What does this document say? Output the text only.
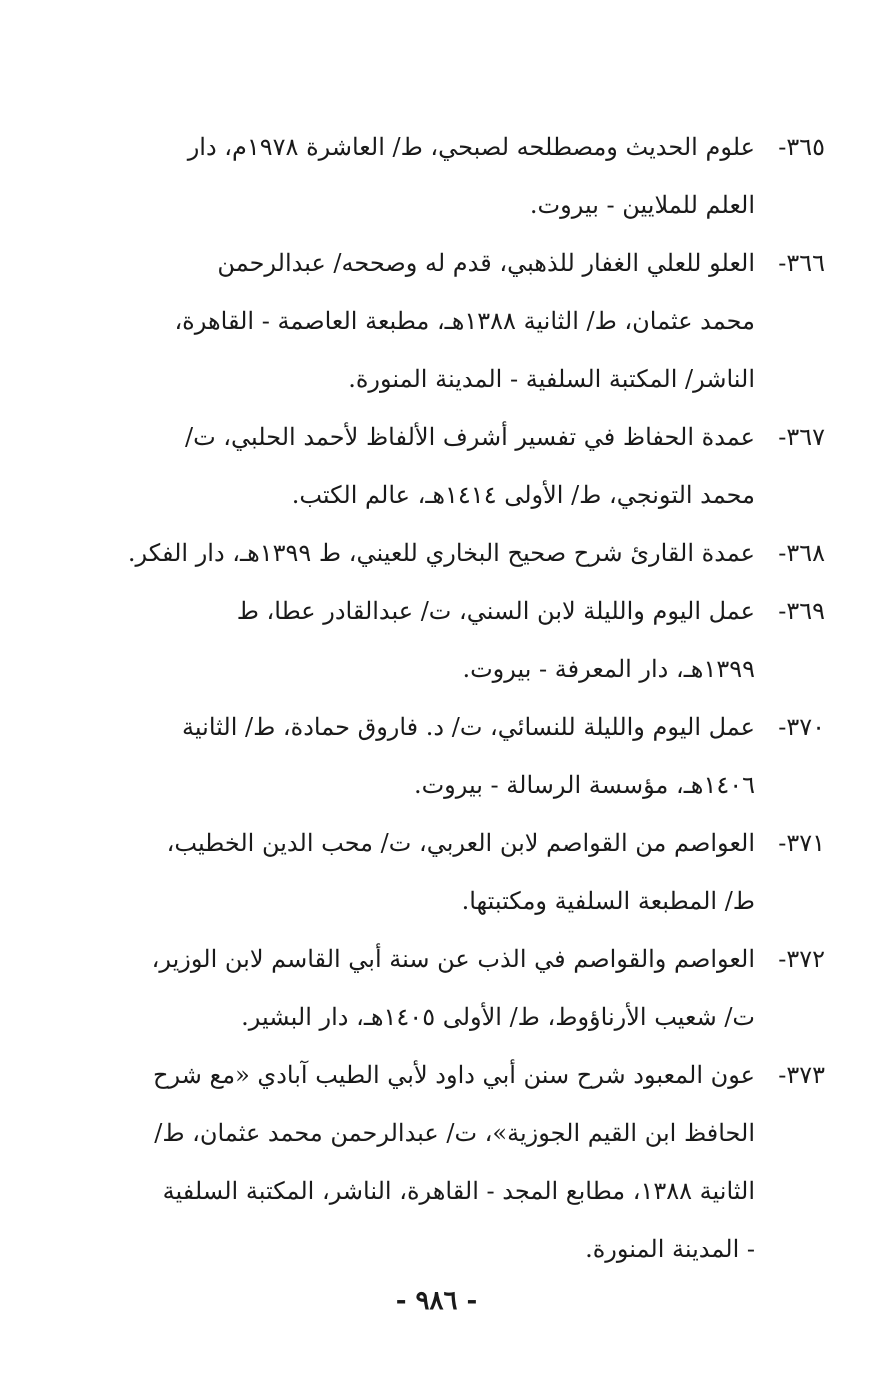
٣٦٥-
علوم الحديث ومصطلحه لصبحي، ط/ العاشرة ١٩٧٨م، دار
العلم للملايين - بيروت.
٣٦٦-
العلو للعلي الغفار للذهبي، قدم له وصححه/ عبدالرحمن
محمد عثمان، ط/ الثانية ١٣٨٨هـ، مطبعة العاصمة - القاهرة،
الناشر/ المكتبة السلفية - المدينة المنورة.
٣٦٧-
عمدة الحفاظ في تفسير أشرف الألفاظ لأحمد الحلبي، ت/
محمد التونجي، ط/ الأولى ١٤١٤هـ، عالم الكتب.
٣٦٨-
عمدة القارئ شرح صحيح البخاري للعيني، ط ١٣٩٩هـ، دار الفكر.
٣٦٩-
عمل اليوم والليلة لابن السني، ت/ عبدالقادر عطا، ط
١٣٩٩هـ، دار المعرفة - بيروت.
٣٧٠-
عمل اليوم والليلة للنسائي، ت/ د. فاروق حمادة، ط/ الثانية
١٤٠٦هـ، مؤسسة الرسالة - بيروت.
٣٧١-
العواصم من القواصم لابن العربي، ت/ محب الدين الخطيب،
ط/ المطبعة السلفية ومكتبتها.
٣٧٢-
العواصم والقواصم في الذب عن سنة أبي القاسم لابن الوزير،
ت/ شعيب الأرناؤوط، ط/ الأولى ١٤٠٥هـ، دار البشير.
٣٧٣-
عون المعبود شرح سنن أبي داود لأبي الطيب آبادي «مع شرح
الحافظ ابن القيم الجوزية»، ت/ عبدالرحمن محمد عثمان، ط/
الثانية ١٣٨٨، مطابع المجد - القاهرة، الناشر، المكتبة السلفية
- المدينة المنورة.
- ٩٨٦ -
